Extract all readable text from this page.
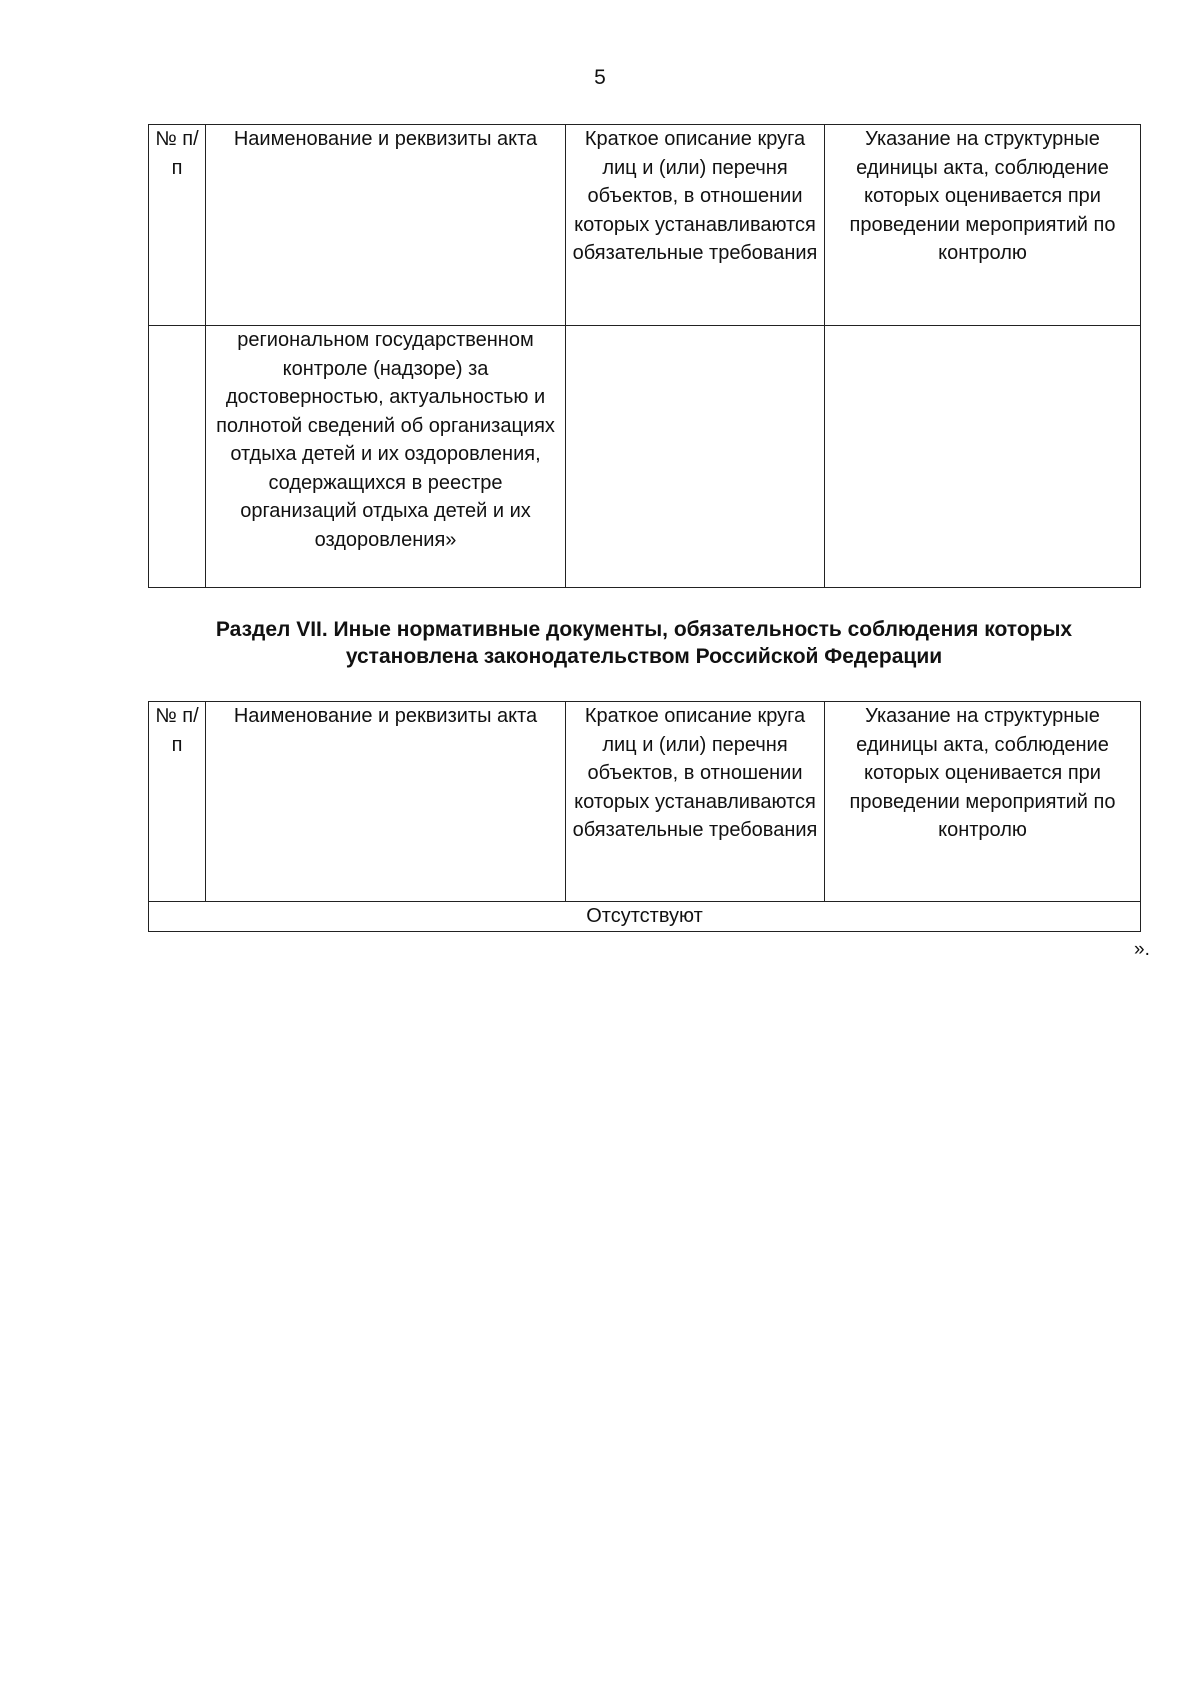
5
№ п/п	Наименование и реквизиты акта	Краткое описание круга лиц и (или) перечня объектов, в отношении которых устанавливаются обязательные требования	Указание на структурные единицы акта, соблюдение которых оценивается при проведении мероприятий по контролю
	региональном государственном контроле (надзоре) за достоверностью, актуальностью и полнотой сведений об организациях отдыха детей и их оздоровления, содержащихся в реестре организаций отдыха детей и их оздоровления»		
Раздел VII. Иные нормативные документы, обязательность соблюдения которых установлена законодательством Российской Федерации
№ п/п	Наименование и реквизиты акта	Краткое описание круга лиц и (или) перечня объектов, в отношении которых устанавливаются обязательные требования	Указание на структурные единицы акта, соблюдение которых оценивается при проведении мероприятий по контролю
Отсутствуют
».
